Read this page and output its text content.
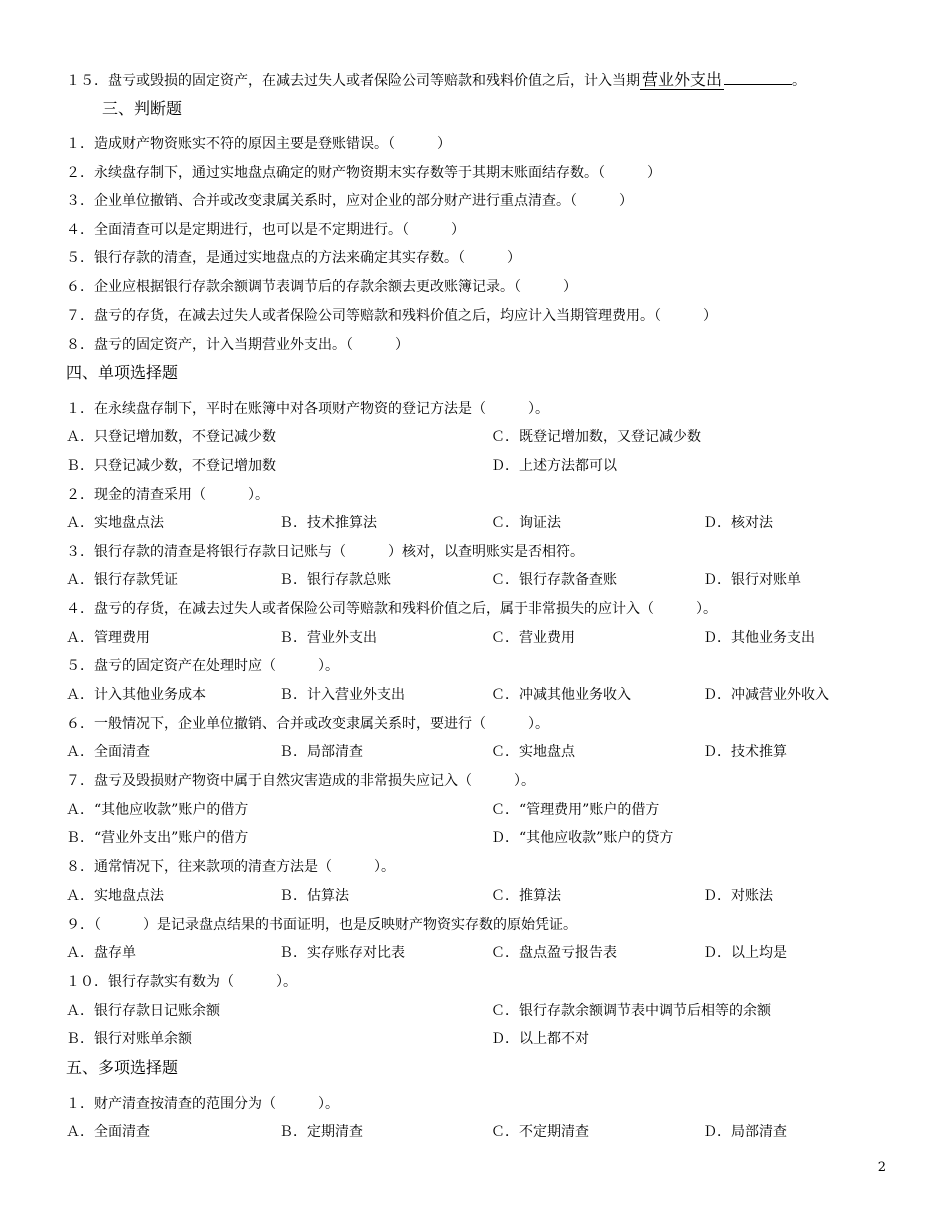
１５．盘亏或毁损的固定资产，在减去过失人或者保险公司等赔款和残料价值之后，计入当期 营业外支出	。
三、判断题
１．造成财产物资账实不符的原因主要是登账错误。（　　　）
２．永续盘存制下，通过实地盘点确定的财产物资期末实存数等于其期末账面结存数。（　　　）
３．企业单位撤销、合并或改变隶属关系时，应对企业的部分财产进行重点清查。（　　　）
４．全面清查可以是定期进行，也可以是不定期进行。（　　　）
５．银行存款的清查，是通过实地盘点的方法来确定其实存数。（　　　）
６．企业应根据银行存款余额调节表调节后的存款余额去更改账簿记录。（　　　）
７．盘亏的存货，在减去过失人或者保险公司等赔款和残料价值之后，均应计入当期管理费用。（　　　）
８．盘亏的固定资产，计入当期营业外支出。（　　　）
四、单项选择题
１．在永续盘存制下，平时在账簿中对各项财产物资的登记方法是（　　　）。
Ａ．只登记增加数，不登记减少数	Ｃ．既登记增加数，又登记减少数
Ｂ．只登记减少数，不登记增加数	Ｄ．上述方法都可以
２．现金的清查采用（　　　）。
Ａ．实地盘点法	Ｂ．技术推算法	Ｃ．询证法	Ｄ．核对法
３．银行存款的清查是将银行存款日记账与（　　　）核对，以查明账实是否相符。
Ａ．银行存款凭证	Ｂ．银行存款总账	Ｃ．银行存款备查账	Ｄ．银行对账单
４．盘亏的存货，在减去过失人或者保险公司等赔款和残料价值之后，属于非常损失的应计入（　　　）。
Ａ．管理费用	Ｂ．营业外支出	Ｃ．营业费用	Ｄ．其他业务支出
５．盘亏的固定资产在处理时应（　　　）。
Ａ．计入其他业务成本	Ｂ．计入营业外支出	Ｃ．冲减其他业务收入	Ｄ．冲减营业外收入
６．一般情况下，企业单位撤销、合并或改变隶属关系时，要进行（　　　）。
Ａ．全面清查	Ｂ．局部清查	Ｃ．实地盘点	Ｄ．技术推算
７．盘亏及毁损财产物资中属于自然灾害造成的非常损失应记入（　　　）。
Ａ．“其他应收款”账户的借方	Ｃ．“管理费用”账户的借方
Ｂ．“营业外支出”账户的借方	Ｄ．“其他应收款”账户的贷方
８．通常情况下，往来款项的清查方法是（　　　）。
Ａ．实地盘点法	Ｂ．估算法	Ｃ．推算法	Ｄ．对账法
９．（　　　）是记录盘点结果的书面证明，也是反映财产物资实存数的原始凭证。
Ａ．盘存单	Ｂ．实存账存对比表	Ｃ．盘点盈亏报告表	Ｄ．以上均是
１０．银行存款实有数为（　　　）。
Ａ．银行存款日记账余额	Ｃ．银行存款余额调节表中调节后相等的余额
Ｂ．银行对账单余额	Ｄ．以上都不对
五、多项选择题
１．财产清查按清查的范围分为（　　　）。
Ａ．全面清查	Ｂ．定期清查	Ｃ．不定期清查	Ｄ．局部清查
2
